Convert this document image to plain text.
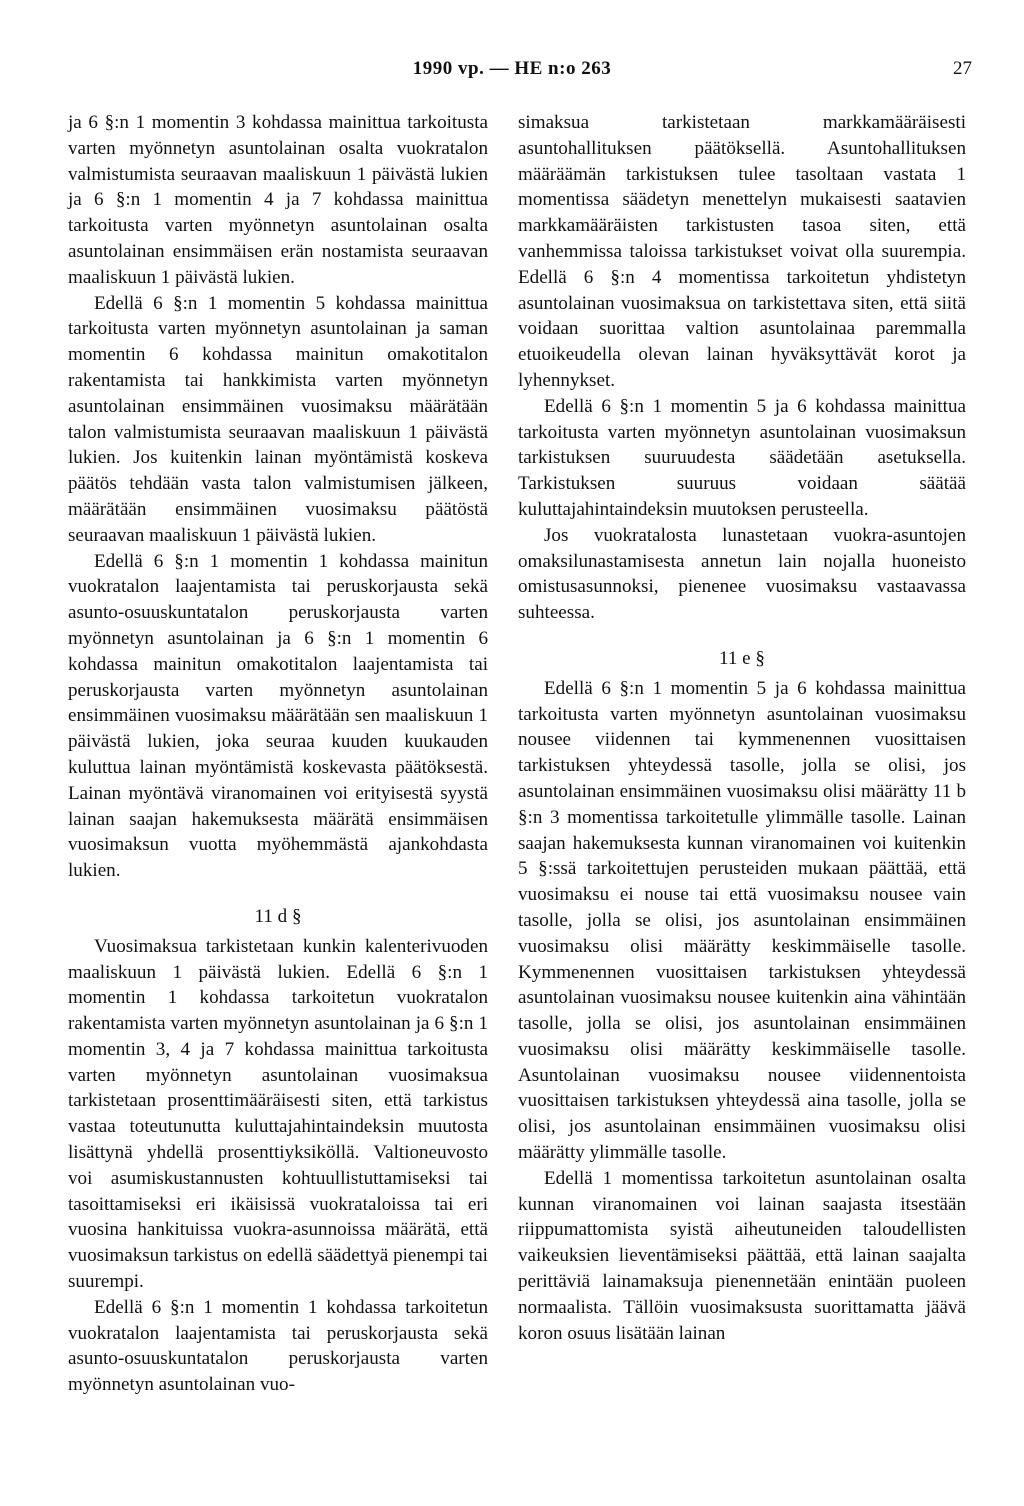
1990 vp. — HE n:o 263	27

ja 6 §:n 1 momentin 3 kohdassa mainittua tarkoitusta varten myönnetyn asuntolainan osalta vuokratalon valmistumista seuraavan maaliskuun 1 päivästä lukien ja 6 §:n 1 momentin 4 ja 7 kohdassa mainittua tarkoitusta varten myönnetyn asuntolainan osalta asuntolainan ensimmäisen erän nostamista seuraavan maaliskuun 1 päivästä lukien.

Edellä 6 §:n 1 momentin 5 kohdassa mainittua tarkoitusta varten myönnetyn asuntolainan ja saman momentin 6 kohdassa mainitun omakotitalon rakentamista tai hankkimista varten myönnetyn asuntolainan ensimmäinen vuosimaksu määrätään talon valmistumista seuraavan maaliskuun 1 päivästä lukien. Jos kuitenkin lainan myöntämistä koskeva päätös tehdään vasta talon valmistumisen jälkeen, määrätään ensimmäinen vuosimaksu päätöstä seuraavan maaliskuun 1 päivästä lukien.

Edellä 6 §:n 1 momentin 1 kohdassa mainitun vuokratalon laajentamista tai peruskorjausta sekä asunto-osuuskuntatalon peruskorjausta varten myönnetyn asuntolainan ja 6 §:n 1 momentin 6 kohdassa mainitun omakotitalon laajentamista tai peruskorjausta varten myönnetyn asuntolainan ensimmäinen vuosimaksu määrätään sen maaliskuun 1 päivästä lukien, joka seuraa kuuden kuukauden kuluttua lainan myöntämistä koskevasta päätöksestä. Lainan myöntävä viranomainen voi erityisestä syystä lainan saajan hakemuksesta määrätä ensimmäisen vuosimaksun vuotta myöhemmästä ajankohdasta lukien.

11 d §

Vuosimaksua tarkistetaan kunkin kalenterivuoden maaliskuun 1 päivästä lukien. Edellä 6 §:n 1 momentin 1 kohdassa tarkoitetun vuokratalon rakentamista varten myönnetyn asuntolainan ja 6 §:n 1 momentin 3, 4 ja 7 kohdassa mainittua tarkoitusta varten myönnetyn asuntolainan vuosimaksua tarkistetaan prosenttimääräisesti siten, että tarkistus vastaa toteutunutta kuluttajahintaindeksin muutosta lisättynä yhdellä prosenttiyksiköllä. Valtioneuvosto voi asumiskustannusten kohtuullistuttamiseksi tai tasoittamiseksi eri ikäisissä vuokrataloissa tai eri vuosina hankituissa vuokra-asunnoissa määrätä, että vuosimaksun tarkistus on edellä säädettyä pienempi tai suurempi.

Edellä 6 §:n 1 momentin 1 kohdassa tarkoitetun vuokratalon laajentamista tai peruskorjausta sekä asunto-osuuskuntatalon peruskorjausta varten myönnetyn asuntolainan vuo-

simaksua tarkistetaan markkamääräisesti asuntohallituksen päätöksellä. Asuntohallituksen määräämän tarkistuksen tulee tasoltaan vastata 1 momentissa säädetyn menettelyn mukaisesti saatavien markkamääräisten tarkistusten tasoa siten, että vanhemmissa taloissa tarkistukset voivat olla suurempia. Edellä 6 §:n 4 momentissa tarkoitetun yhdistetyn asuntolainan vuosimaksua on tarkistettava siten, että siitä voidaan suorittaa valtion asuntolainaa paremmalla etuoikeudella olevan lainan hyväksyttävät korot ja lyhennykset.

Edellä 6 §:n 1 momentin 5 ja 6 kohdassa mainittua tarkoitusta varten myönnetyn asuntolainan vuosimaksun tarkistuksen suuruudesta säädetään asetuksella. Tarkistuksen suuruus voidaan säätää kuluttajahintaindeksin muutoksen perusteella.

Jos vuokratalosta lunastetaan vuokra-asuntojen omaksilunastamisesta annetun lain nojalla huoneisto omistusasunnoksi, pienenee vuosimaksu vastaavassa suhteessa.

11 e §

Edellä 6 §:n 1 momentin 5 ja 6 kohdassa mainittua tarkoitusta varten myönnetyn asuntolainan vuosimaksu nousee viidennen tai kymmenennen vuosittaisen tarkistuksen yhteydessä tasolle, jolla se olisi, jos asuntolainan ensimmäinen vuosimaksu olisi määrätty 11 b §:n 3 momentissa tarkoitetulle ylimmälle tasolle. Lainan saajan hakemuksesta kunnan viranomainen voi kuitenkin 5 §:ssä tarkoitettujen perusteiden mukaan päättää, että vuosimaksu ei nouse tai että vuosimaksu nousee vain tasolle, jolla se olisi, jos asuntolainan ensimmäinen vuosimaksu olisi määrätty keskimmäiselle tasolle. Kymmenennen vuosittaisen tarkistuksen yhteydessä asuntolainan vuosimaksu nousee kuitenkin aina vähintään tasolle, jolla se olisi, jos asuntolainan ensimmäinen vuosimaksu olisi määrätty keskimmäiselle tasolle. Asuntolainan vuosimaksu nousee viidennentoista vuosittaisen tarkistuksen yhteydessä aina tasolle, jolla se olisi, jos asuntolainan ensimmäinen vuosimaksu olisi määrätty ylimmälle tasolle.

Edellä 1 momentissa tarkoitetun asuntolainan osalta kunnan viranomainen voi lainan saajasta itsestään riippumattomista syistä aiheutuneiden taloudellisten vaikeuksien lieventämiseksi päättää, että lainan saajalta perittäviä lainamaksuja pienennetään enintään puoleen normaalista. Tällöin vuosimaksusta suorittamatta jäävä koron osuus lisätään lainan
